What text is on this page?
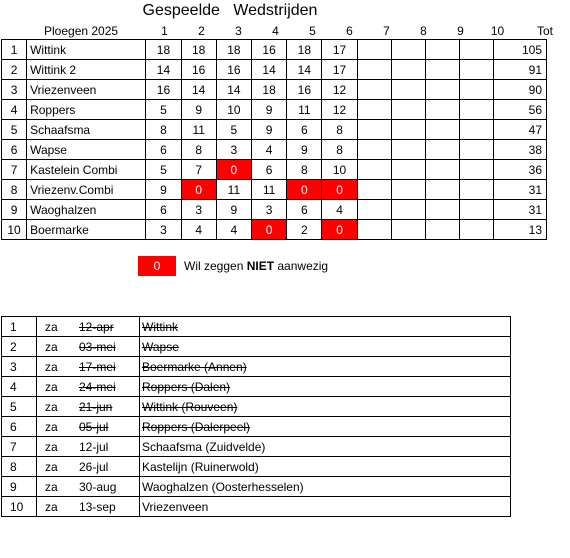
Gespeelde   Wedstrijden
Ploegen 2025	1	2	3	4	5	6	7	8	9	10	Tot
1	Wittink	18	18	18	16	18	17					105
2	Wittink 2	14	16	16	14	14	17					91
3	Vriezenveen	16	14	14	18	16	12					90
4	Roppers	5	9	10	9	11	12					56
5	Schaafsma	8	11	5	9	6	8					47
6	Wapse	6	8	3	4	9	8					38
7	Kastelein Combi	5	7	0	6	8	10					36
8	Vriezenv.Combi	9	0	11	11	0	0					31
9	Waoghalzen	6	3	9	3	6	4					31
10	Boermarke	3	4	4	0	2	0					13
0	Wil zeggen NIET aanwezig
1	za 12-apr	Wittink
2	za 03-mei	Wapse
3	za 17-mei	Boermarke (Annen)
4	za 24-mei	Roppers (Dalen)
5	za 21-jun	Wittink (Rouveen)
6	za 05-jul	Roppers (Dalerpeel)
7	za 12-jul	Schaafsma (Zuidvelde)
8	za 26-jul	Kastelijn (Ruinerwold)
9	za 30-aug	Waoghalzen (Oosterhesselen)
10	za 13-sep	Vriezenveen
